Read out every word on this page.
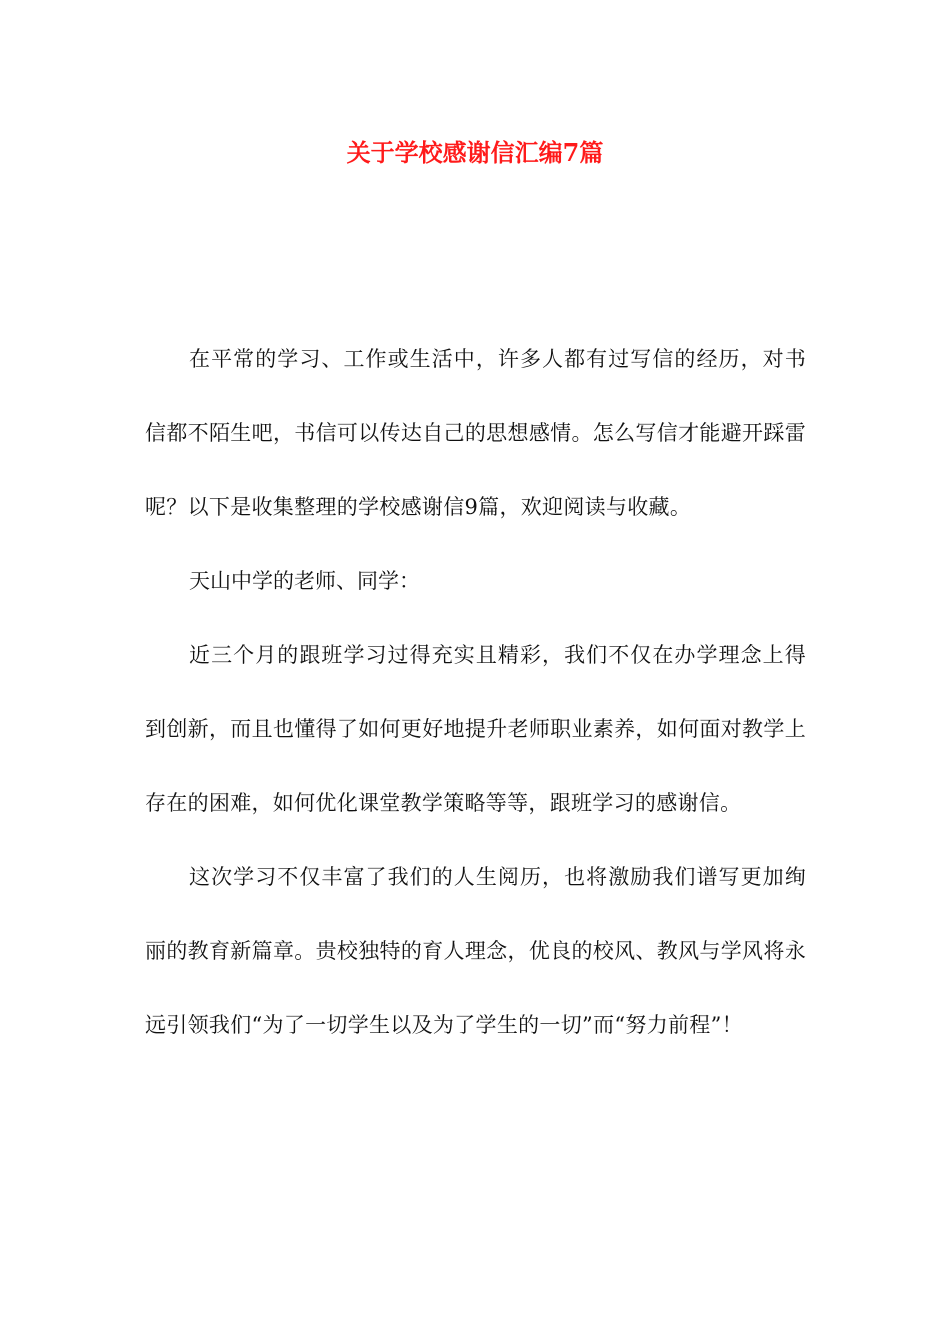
关于学校感谢信汇编7篇

在平常的学习、工作或生活中，许多人都有过写信的经历，对书信都不陌生吧，书信可以传达自己的思想感情。怎么写信才能避开踩雷呢？以下是收集整理的学校感谢信9篇，欢迎阅读与收藏。

天山中学的老师、同学：

近三个月的跟班学习过得充实且精彩，我们不仅在办学理念上得到创新，而且也懂得了如何更好地提升老师职业素养，如何面对教学上存在的困难，如何优化课堂教学策略等等，跟班学习的感谢信。

这次学习不仅丰富了我们的人生阅历，也将激励我们谱写更加绚丽的教育新篇章。贵校独特的育人理念，优良的校风、教风与学风将永远引领我们“为了一切学生以及为了学生的一切”而“努力前程”！
